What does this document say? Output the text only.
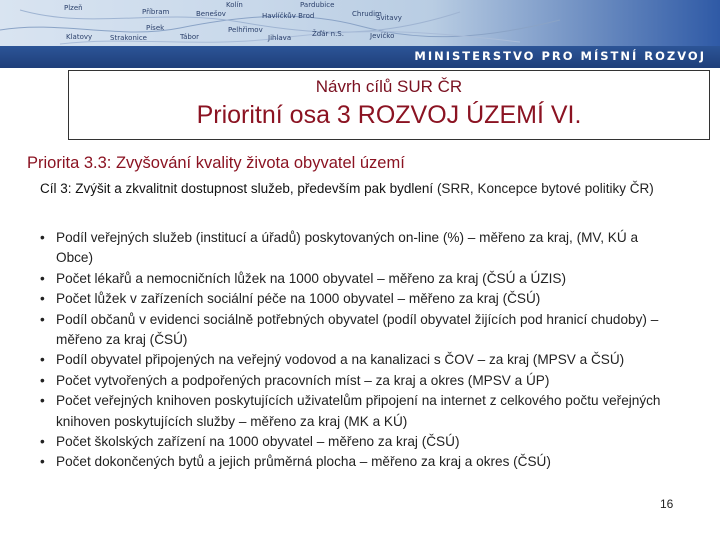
Plzeň	Příbram
Písek
Tábor
Klatovy	Strakonice
Pelhřimov
Jihlava
Havlíčkův Brod	Chrudim
Svitavy
Žďár n.S.	Jevíčko
Benešov
Kolín	Pardubice
MINISTERSTVO PRO MÍSTNÍ ROZVOJ
Návrh cílů SUR ČR
Prioritní osa 3 ROZVOJ ÚZEMÍ VI.
Priorita 3.3: Zvyšování kvality života obyvatel území
Cíl 3: Zvýšit a zkvalitnit dostupnost služeb, především pak bydlení (SRR, Koncepce bytové politiky ČR)
• Podíl veřejných služeb (institucí a úřadů) poskytovaných on-line (%) – měřeno za kraj, (MV, KÚ a Obce)
• Počet lékařů a nemocničních lůžek na 1000 obyvatel – měřeno za kraj (ČSÚ a ÚZIS)
• Počet lůžek v zařízeních sociální péče na 1000 obyvatel – měřeno za kraj (ČSÚ)
• Podíl občanů v evidenci sociálně potřebných obyvatel (podíl obyvatel žijících pod hranicí chudoby) – měřeno za kraj (ČSÚ)
• Podíl obyvatel připojených na veřejný vodovod a na kanalizaci s ČOV – za kraj (MPSV a ČSÚ)
• Počet vytvořených a podpořených pracovních míst – za kraj a okres (MPSV a ÚP)
• Počet veřejných knihoven poskytujících uživatelům připojení na internet z celkového počtu veřejných knihoven poskytujících služby – měřeno za kraj (MK a KÚ)
• Počet školských zařízení na 1000 obyvatel – měřeno za kraj (ČSÚ)
• Počet dokončených bytů a jejich průměrná plocha – měřeno za kraj a okres (ČSÚ)
16
